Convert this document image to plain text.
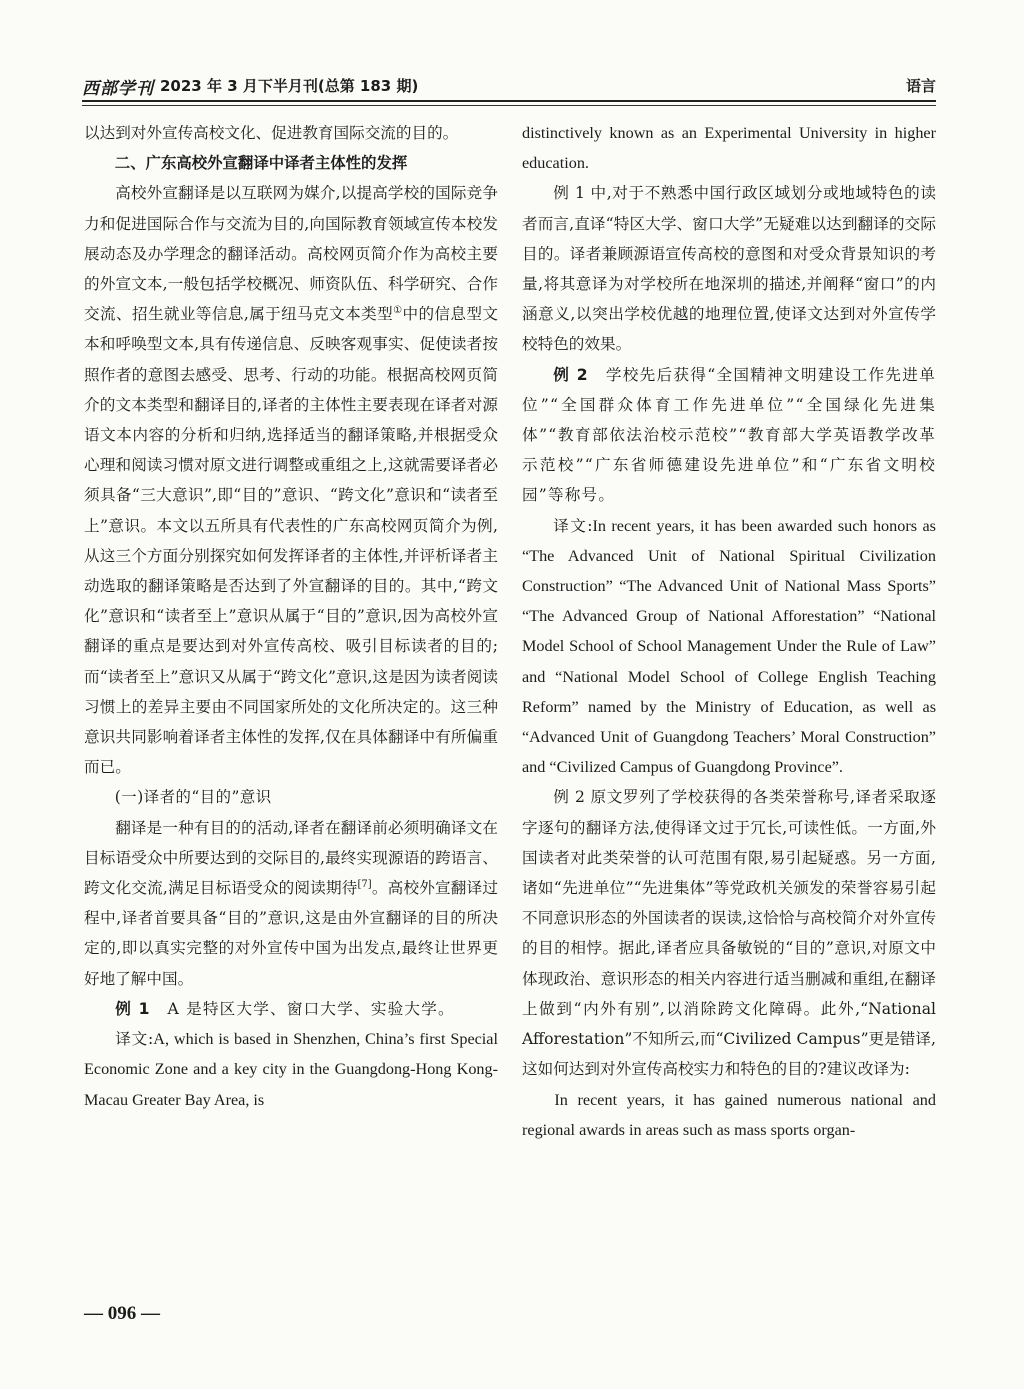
西部学刊 2023 年 3 月下半月刊(总第 183 期)	语言

以达到对外宣传高校文化、促进教育国际交流的目的。

二、广东高校外宣翻译中译者主体性的发挥

高校外宣翻译是以互联网为媒介,以提高学校的国际竞争力和促进国际合作与交流为目的,向国际教育领域宣传本校发展动态及办学理念的翻译活动。高校网页简介作为高校主要的外宣文本,一般包括学校概况、师资队伍、科学研究、合作交流、招生就业等信息,属于纽马克文本类型①中的信息型文本和呼唤型文本,具有传递信息、反映客观事实、促使读者按照作者的意图去感受、思考、行动的功能。根据高校网页简介的文本类型和翻译目的,译者的主体性主要表现在译者对源语文本内容的分析和归纳,选择适当的翻译策略,并根据受众心理和阅读习惯对原文进行调整或重组之上,这就需要译者必须具备“三大意识”,即“目的”意识、“跨文化”意识和“读者至上”意识。本文以五所具有代表性的广东高校网页简介为例,从这三个方面分别探究如何发挥译者的主体性,并评析译者主动选取的翻译策略是否达到了外宣翻译的目的。其中,“跨文化”意识和“读者至上”意识从属于“目的”意识,因为高校外宣翻译的重点是要达到对外宣传高校、吸引目标读者的目的;而“读者至上”意识又从属于“跨文化”意识,这是因为读者阅读习惯上的差异主要由不同国家所处的文化所决定的。这三种意识共同影响着译者主体性的发挥,仅在具体翻译中有所偏重而已。

(一)译者的“目的”意识

翻译是一种有目的的活动,译者在翻译前必须明确译文在目标语受众中所要达到的交际目的,最终实现源语的跨语言、跨文化交流,满足目标语受众的阅读期待[7]。高校外宣翻译过程中,译者首要具备“目的”意识,这是由外宣翻译的目的所决定的,即以真实完整的对外宣传中国为出发点,最终让世界更好地了解中国。

例 1　 A 是特区大学、窗口大学、实验大学。

译文:A, which is based in Shenzhen, China’s first Special Economic Zone and a key city in the Guangdong-Hong Kong-Macau Greater Bay Area, is

distinctively known as an Experimental University in higher education.

例 1 中,对于不熟悉中国行政区域划分或地域特色的读者而言,直译“特区大学、窗口大学”无疑难以达到翻译的交际目的。译者兼顾源语宣传高校的意图和对受众背景知识的考量,将其意译为对学校所在地深圳的描述,并阐释“窗口”的内涵意义,以突出学校优越的地理位置,使译文达到对外宣传学校特色的效果。

例 2　 学校先后获得“全国精神文明建设工作先进单位”“全国群众体育工作先进单位”“全国绿化先进集体”“教育部依法治校示范校”“教育部大学英语教学改革示范校”“广东省师德建设先进单位”和“广东省文明校园”等称号。

译文:In recent years, it has been awarded such honors as “The Advanced Unit of National Spiritual Civilization Construction” “The Advanced Unit of National Mass Sports” “The Advanced Group of National Afforestation” “National Model School of School Management Under the Rule of Law” and “National Model School of College English Teaching Reform” named by the Ministry of Education, as well as “Advanced Unit of Guangdong Teachers’ Moral Construction” and “Civilized Campus of Guangdong Province”.

例 2 原文罗列了学校获得的各类荣誉称号,译者采取逐字逐句的翻译方法,使得译文过于冗长,可读性低。一方面,外国读者对此类荣誉的认可范围有限,易引起疑惑。另一方面,诸如“先进单位”“先进集体”等党政机关颁发的荣誉容易引起不同意识形态的外国读者的误读,这恰恰与高校简介对外宣传的目的相悖。据此,译者应具备敏锐的“目的”意识,对原文中体现政治、意识形态的相关内容进行适当删减和重组,在翻译上做到“内外有别”,以消除跨文化障碍。此外,“National Afforestation”不知所云,而“Civilized Campus”更是错译,这如何达到对外宣传高校实力和特色的目的?建议改译为:

In recent years, it has gained numerous national and regional awards in areas such as mass sports organ-

— 096 —
